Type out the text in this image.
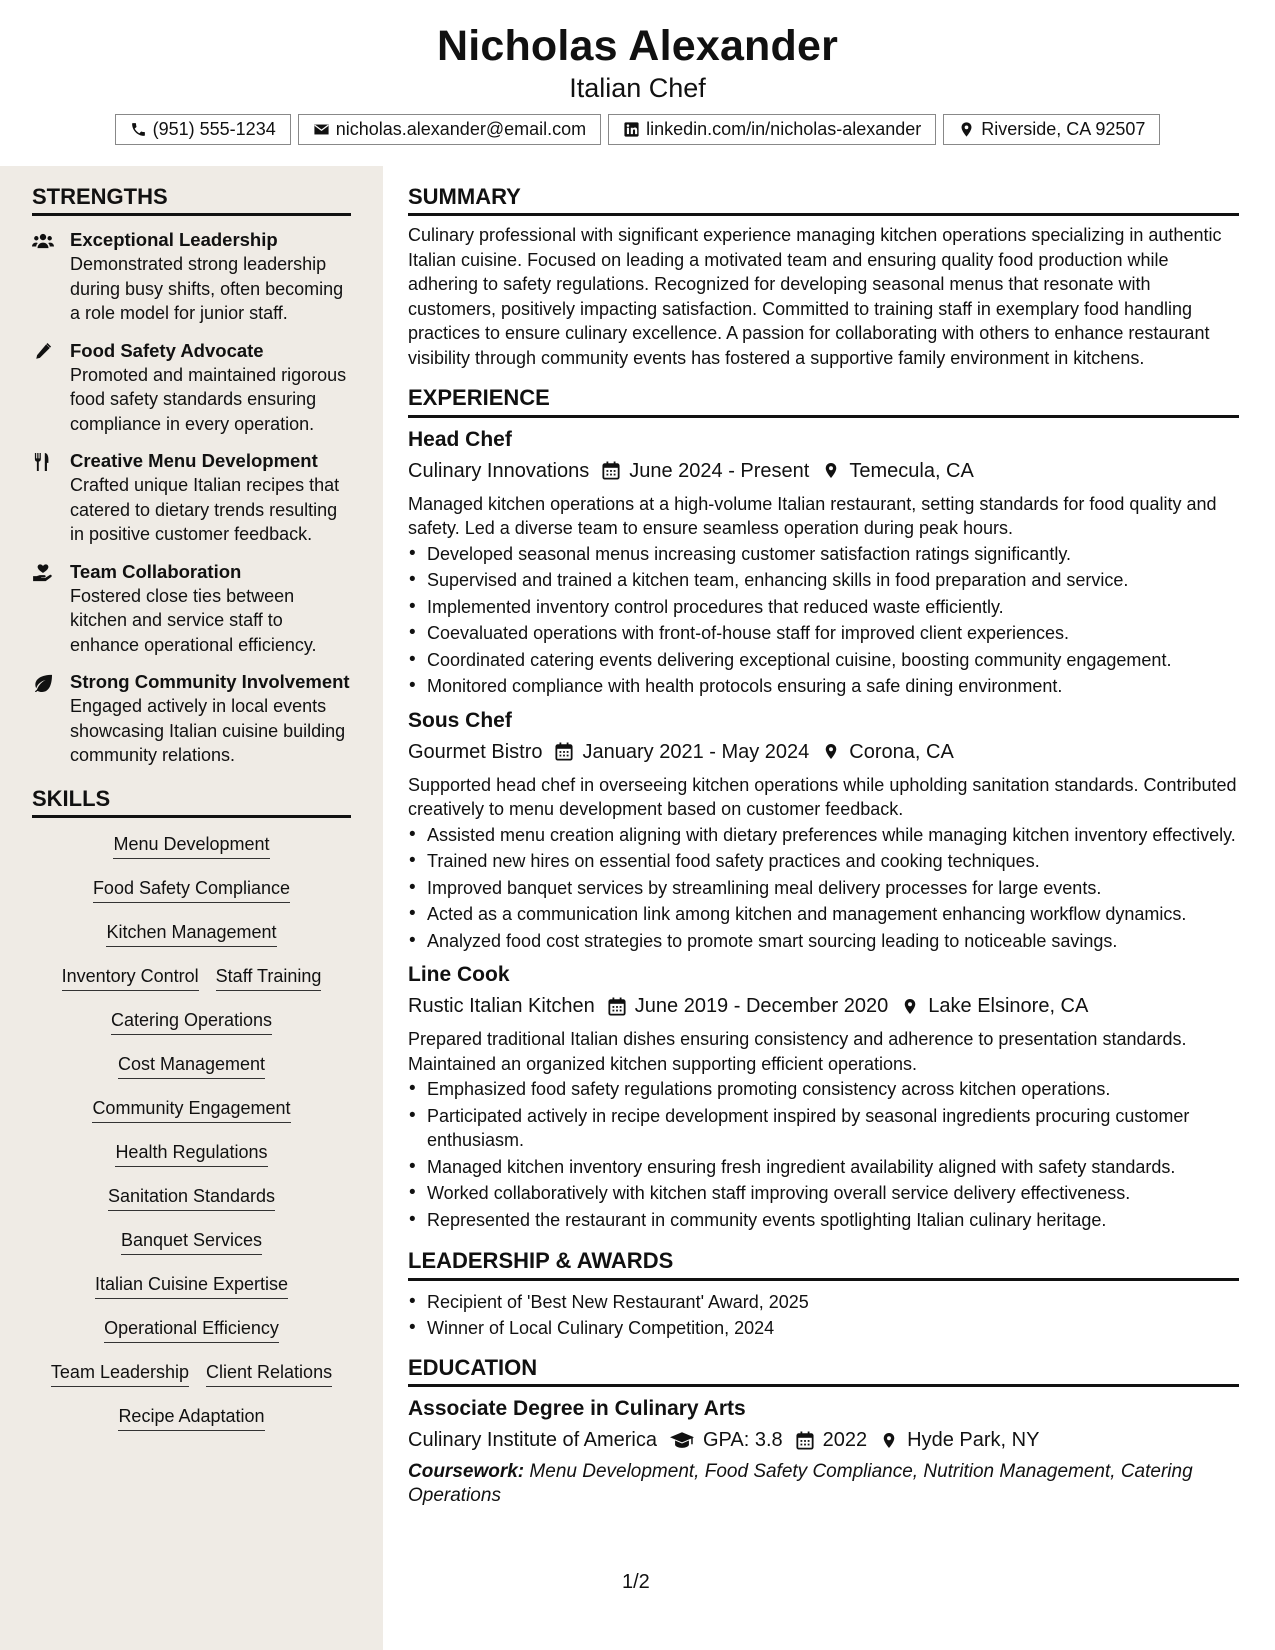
Nicholas Alexander
Italian Chef
(951) 555-1234	nicholas.alexander@email.com	linkedin.com/in/nicholas-alexander	Riverside, CA 92507
STRENGTHS
Exceptional Leadership
Demonstrated strong leadership during busy shifts, often becoming a role model for junior staff.
Food Safety Advocate
Promoted and maintained rigorous food safety standards ensuring compliance in every operation.
Creative Menu Development
Crafted unique Italian recipes that catered to dietary trends resulting in positive customer feedback.
Team Collaboration
Fostered close ties between kitchen and service staff to enhance operational efficiency.
Strong Community Involvement
Engaged actively in local events showcasing Italian cuisine building community relations.
SKILLS
Menu Development
Food Safety Compliance
Kitchen Management
Inventory Control Staff Training
Catering Operations
Cost Management
Community Engagement
Health Regulations
Sanitation Standards
Banquet Services
Italian Cuisine Expertise
Operational Efficiency
Team Leadership Client Relations
Recipe Adaptation
SUMMARY
Culinary professional with significant experience managing kitchen operations specializing in authentic Italian cuisine. Focused on leading a motivated team and ensuring quality food production while adhering to safety regulations. Recognized for developing seasonal menus that resonate with customers, positively impacting satisfaction. Committed to training staff in exemplary food handling practices to ensure culinary excellence. A passion for collaborating with others to enhance restaurant visibility through community events has fostered a supportive family environment in kitchens.
EXPERIENCE
Head Chef
Culinary Innovations June 2024 - Present Temecula, CA
Managed kitchen operations at a high-volume Italian restaurant, setting standards for food quality and safety. Led a diverse team to ensure seamless operation during peak hours.
• Developed seasonal menus increasing customer satisfaction ratings significantly.
• Supervised and trained a kitchen team, enhancing skills in food preparation and service.
• Implemented inventory control procedures that reduced waste efficiently.
• Coevaluated operations with front-of-house staff for improved client experiences.
• Coordinated catering events delivering exceptional cuisine, boosting community engagement.
• Monitored compliance with health protocols ensuring a safe dining environment.
Sous Chef
Gourmet Bistro January 2021 - May 2024 Corona, CA
Supported head chef in overseeing kitchen operations while upholding sanitation standards. Contributed creatively to menu development based on customer feedback.
• Assisted menu creation aligning with dietary preferences while managing kitchen inventory effectively.
• Trained new hires on essential food safety practices and cooking techniques.
• Improved banquet services by streamlining meal delivery processes for large events.
• Acted as a communication link among kitchen and management enhancing workflow dynamics.
• Analyzed food cost strategies to promote smart sourcing leading to noticeable savings.
Line Cook
Rustic Italian Kitchen June 2019 - December 2020 Lake Elsinore, CA
Prepared traditional Italian dishes ensuring consistency and adherence to presentation standards. Maintained an organized kitchen supporting efficient operations.
• Emphasized food safety regulations promoting consistency across kitchen operations.
• Participated actively in recipe development inspired by seasonal ingredients procuring customer enthusiasm.
• Managed kitchen inventory ensuring fresh ingredient availability aligned with safety standards.
• Worked collaboratively with kitchen staff improving overall service delivery effectiveness.
• Represented the restaurant in community events spotlighting Italian culinary heritage.
LEADERSHIP & AWARDS
• Recipient of 'Best New Restaurant' Award, 2025
• Winner of Local Culinary Competition, 2024
EDUCATION
Associate Degree in Culinary Arts
Culinary Institute of America GPA: 3.8 2022 Hyde Park, NY
Coursework: Menu Development, Food Safety Compliance, Nutrition Management, Catering Operations
1/2
